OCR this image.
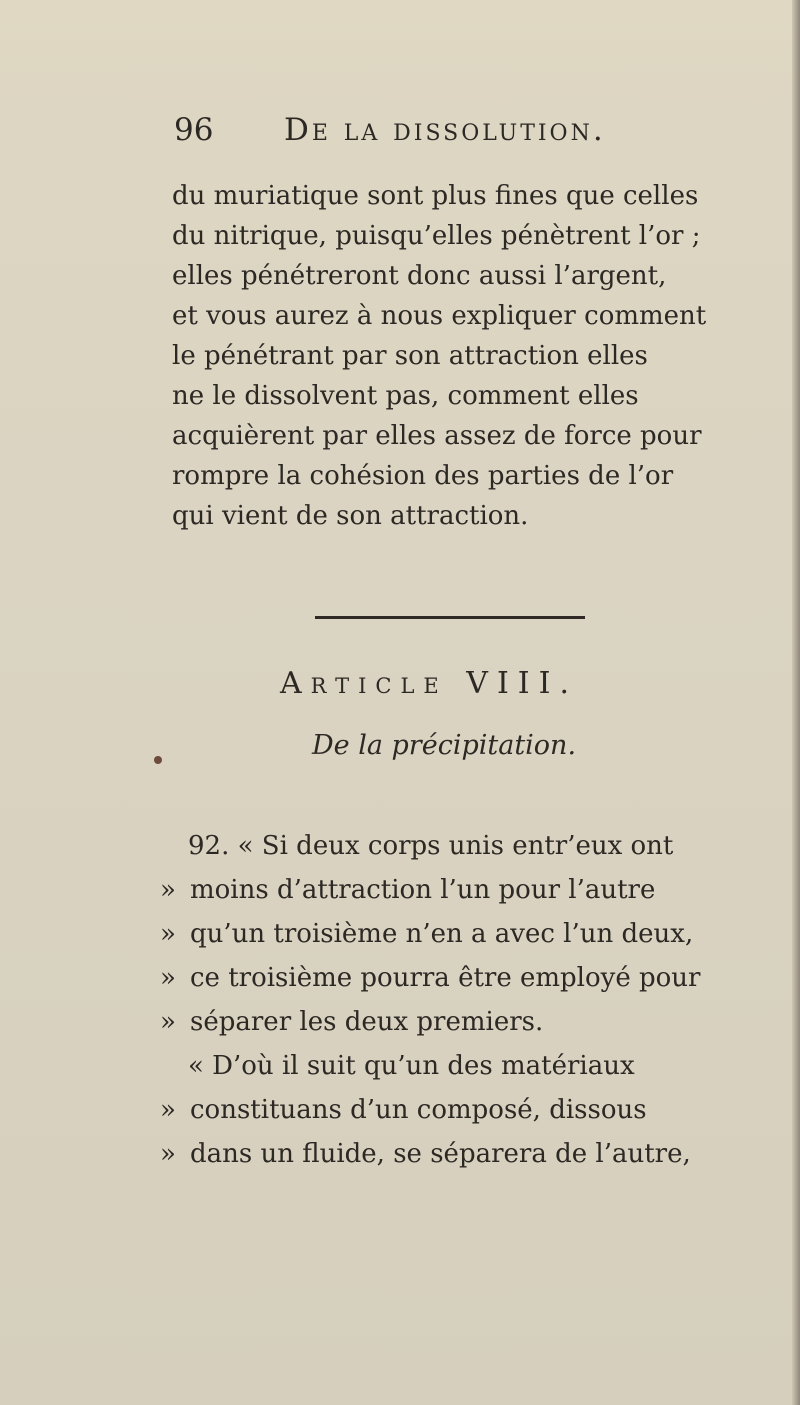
96 De la dissolution.

du muriatique sont plus fines que celles
du nitrique, puisqu’elles pénètrent l’or ;
elles pénétreront donc aussi l’argent,
et vous aurez à nous expliquer comment
le pénétrant par son attraction elles
ne le dissolvent pas, comment elles
acquièrent par elles assez de force pour
rompre la cohésion des parties de l’or
qui vient de son attraction.

Article VIII.
De la précipitation.
92. « Si deux corps unis entr’eux ont
» moins d’attraction l’un pour l’autre
» qu’un troisième n’en a avec l’un deux,
» ce troisième pourra être employé pour
» séparer les deux premiers.
« D’où il suit qu’un des matériaux
» constituans d’un composé, dissous
» dans un fluide, se séparera de l’autre,
